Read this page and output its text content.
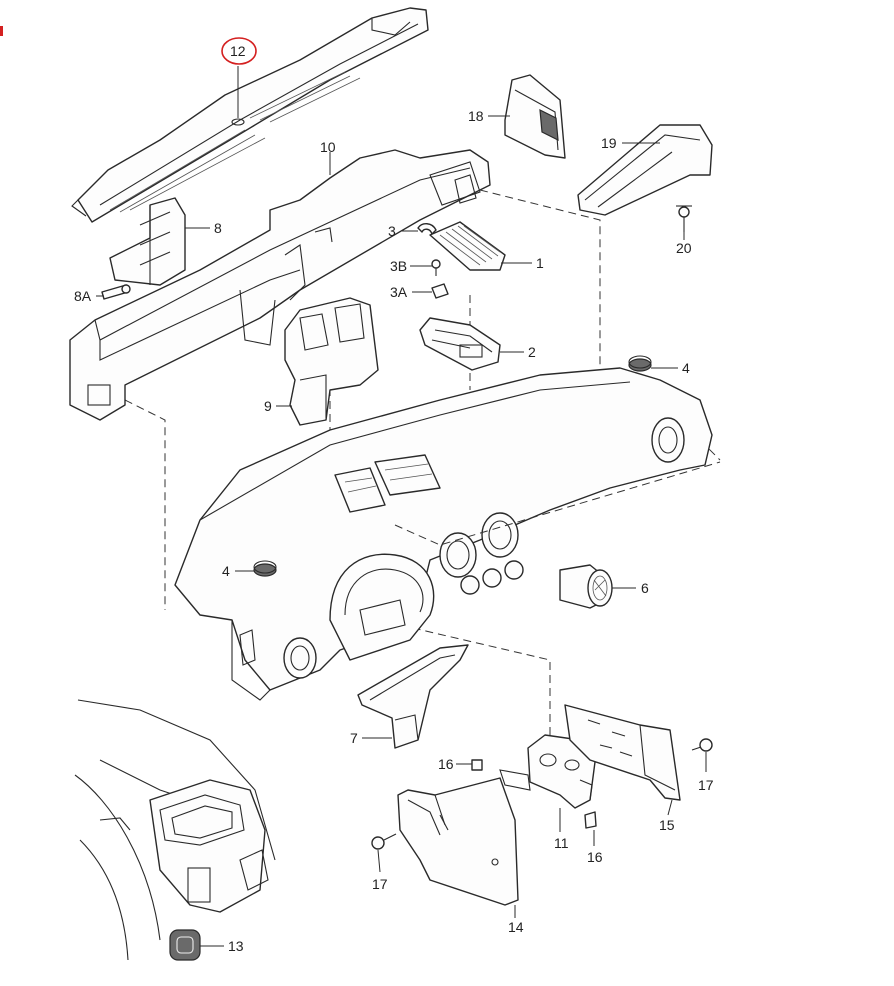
12
18
19
10
20
8
8A
3
1
3B
3A
2
4
9
4
6
7
16
11
16
15
17
17
14
13
